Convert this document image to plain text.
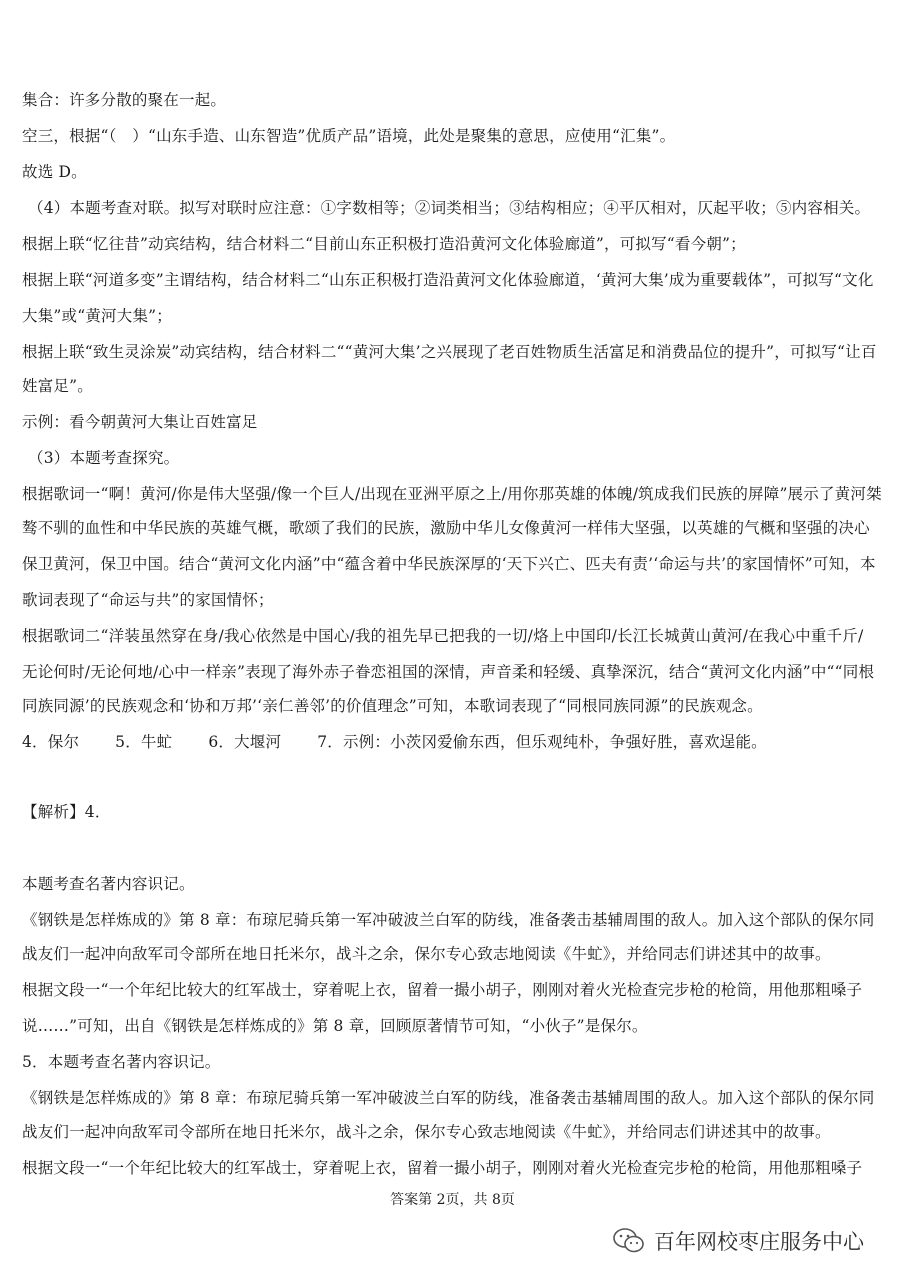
集合：许多分散的聚在一起。
空三，根据“（　）“山东手造、山东智造”优质产品”语境，此处是聚集的意思，应使用“汇集”。
故选 D。
（4）本题考查对联。拟写对联时应注意：①字数相等；②词类相当；③结构相应；④平仄相对，仄起平收；⑤内容相关。
根据上联“忆往昔”动宾结构，结合材料二“目前山东正积极打造沿黄河文化体验廊道”，可拟写“看今朝”；
根据上联“河道多变”主谓结构，结合材料二“山东正积极打造沿黄河文化体验廊道，‘黄河大集’成为重要载体”，可拟写“文化
大集”或“黄河大集”；
根据上联“致生灵涂炭”动宾结构，结合材料二““黄河大集’之兴展现了老百姓物质生活富足和消费品位的提升”，可拟写“让百
姓富足”。
示例：看今朝黄河大集让百姓富足
（3）本题考查探究。
根据歌词一“啊！黄河/你是伟大坚强/像一个巨人/出现在亚洲平原之上/用你那英雄的体魄/筑成我们民族的屏障”展示了黄河桀
骜不驯的血性和中华民族的英雄气概，歌颂了我们的民族，激励中华儿女像黄河一样伟大坚强，以英雄的气概和坚强的决心
保卫黄河，保卫中国。结合“黄河文化内涵”中“蕴含着中华民族深厚的‘天下兴亡、匹夫有责’‘命运与共’的家国情怀”可知，本
歌词表现了“命运与共”的家国情怀；
根据歌词二“洋装虽然穿在身/我心依然是中国心/我的祖先早已把我的一切/烙上中国印/长江长城黄山黄河/在我心中重千斤/
无论何时/无论何地/心中一样亲”表现了海外赤子眷恋祖国的深情，声音柔和轻缓、真挚深沉，结合“黄河文化内涵”中““同根
同族同源’的民族观念和‘协和万邦’‘亲仁善邻’的价值理念”可知，本歌词表现了“同根同族同源”的民族观念。
4．保尔 5．牛虻 6．大堰河 7．示例：小茨冈爱偷东西，但乐观纯朴，争强好胜，喜欢逞能。
【解析】4．
本题考查名著内容识记。
《钢铁是怎样炼成的》第 8 章：布琼尼骑兵第一军冲破波兰白军的防线，准备袭击基辅周围的敌人。加入这个部队的保尔同
战友们一起冲向敌军司令部所在地日托米尔，战斗之余，保尔专心致志地阅读《牛虻》，并给同志们讲述其中的故事。
根据文段一“一个年纪比较大的红军战士，穿着呢上衣，留着一撮小胡子，刚刚对着火光检查完步枪的枪筒，用他那粗嗓子
说……”可知，出自《钢铁是怎样炼成的》第 8 章，回顾原著情节可知，“小伙子”是保尔。
5．本题考查名著内容识记。
《钢铁是怎样炼成的》第 8 章：布琼尼骑兵第一军冲破波兰白军的防线，准备袭击基辅周围的敌人。加入这个部队的保尔同
战友们一起冲向敌军司令部所在地日托米尔，战斗之余，保尔专心致志地阅读《牛虻》，并给同志们讲述其中的故事。
根据文段一“一个年纪比较大的红军战士，穿着呢上衣，留着一撮小胡子，刚刚对着火光检查完步枪的枪筒，用他那粗嗓子
答案第 2页，共 8页
百年网校枣庄服务中心
